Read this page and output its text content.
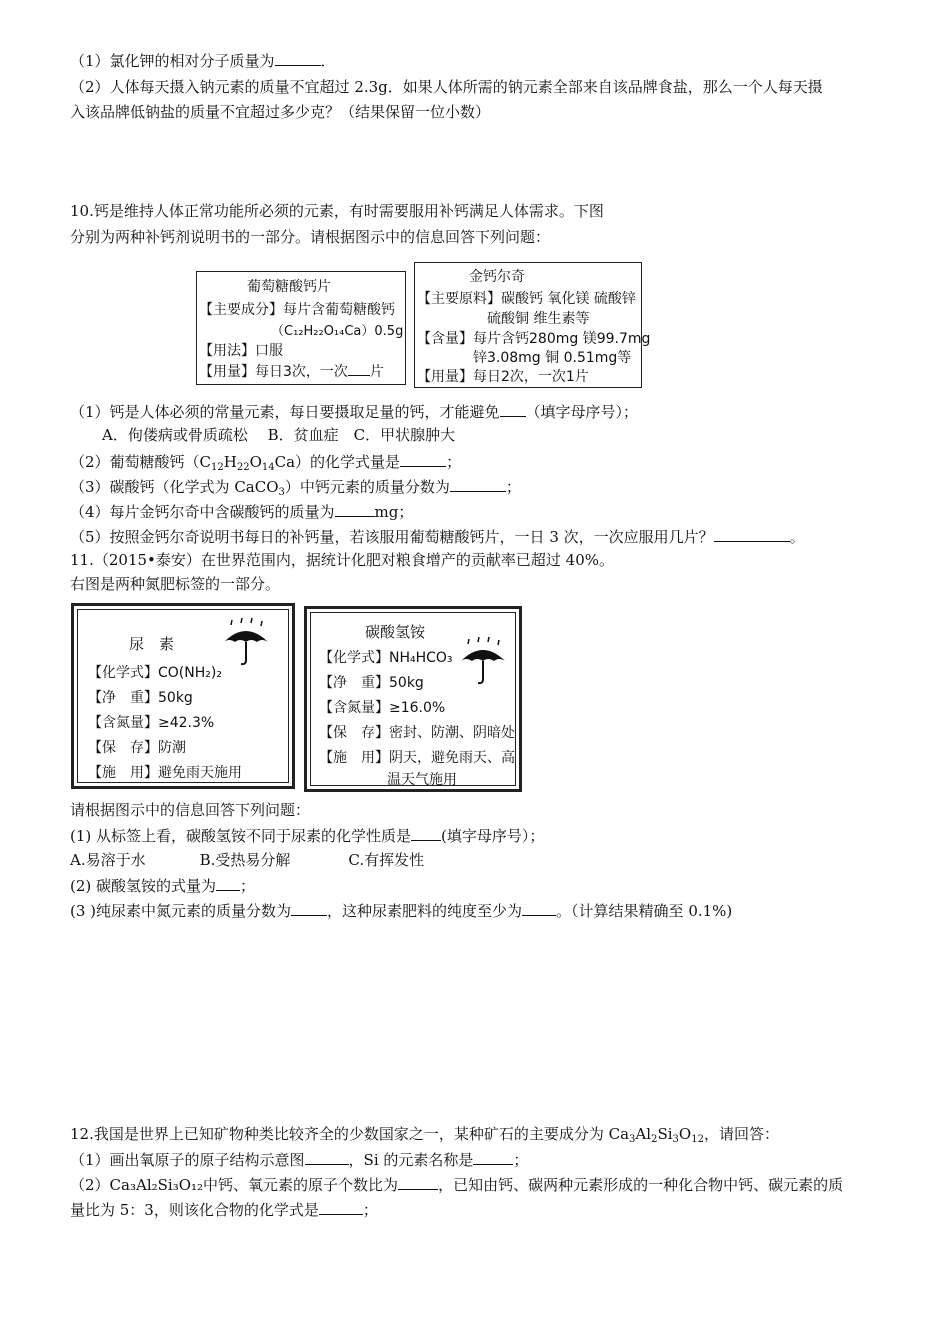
（1）氯化钾的相对分子质量为	．
（2）人体每天摄入钠元素的质量不宜超过 2.3g．如果人体所需的钠元素全部来自该品牌食盐，那么一个人每天摄
入该品牌低钠盐的质量不宜超过多少克？（结果保留一位小数）
10.钙是维持人体正常功能所必须的元素，有时需要服用补钙满足人体需求。下图
分别为两种补钙剂说明书的一部分。请根据图示中的信息回答下列问题：
葡萄糖酸钙片
【主要成分】每片含葡萄糖酸钙
（C₁₂H₂₂O₁₄Ca）0.5g
【用法】口服
【用量】每日3次，一次 片
金钙尔奇
【主要原料】碳酸钙 氧化镁 硫酸锌
硫酸铜 维生素等
【含量】每片含钙280mg 镁99.7mg
锌3.08mg 铜 0.51mg等
【用量】每日2次，一次1片
（1）钙是人体必须的常量元素，每日要摄取足量的钙，才能避免 （填字母序号）；
A．佝偻病或骨质疏松　 B．贫血症　C．甲状腺肿大
（2）葡萄糖酸钙$(C_{12}H_{22}O_{14}Ca)$的化学式量是	；
（3）碳酸钙（化学式为 CaCO$_3$）中钙元素的质量分数为	；
（4）每片金钙尔奇中含碳酸钙的质量为	mg；
（5）按照金钙尔奇说明书每日的补钙量，若该服用葡萄糖酸钙片，一日 3 次，一次应服用几片？	。
11.（2015•泰安）在世界范围内，据统计化肥对粮食增产的贡献率已超过 40%。
右图是两种氮肥标签的一部分。
尿　素
【化学式】CO(NH₂)₂
【净　重】50kg
【含氮量】≥42.3%
【保　存】防潮
【施　用】避免雨天施用
碳酸氢铵
【化学式】NH₄HCO₃
【净　重】50kg
【含氮量】≥16.0%
【保　存】密封、防潮、阴暗处
【施　用】阴天，避免雨天、高
温天气施用
请根据图示中的信息回答下列问题：
(1) 从标签上看，碳酸氢铵不同于尿素的化学性质是 (填字母序号）；
A.易溶于水	B.受热易分解	C.有挥发性
(2) 碳酸氢铵的式量为 ；
(3 )纯尿素中氮元素的质量分数为 ，这种尿素肥料的纯度至少为 。（计算结果精确至 0.1%)
12.我国是世界上已知矿物种类比较齐全的少数国家之一，某种矿石的主要成分为 $Ca_3Al_2Si_3O_{12}$，请回答：
（1）画出氧原子的原子结构示意图	，Si 的元素名称是	；
（2）Ca₃Al₂Si₃O₁₂中钙、氧元素的原子个数比为	，已知由钙、碳两种元素形成的一种化合物中钙、碳元素的质
量比为 5：3，则该化合物的化学式是	；
